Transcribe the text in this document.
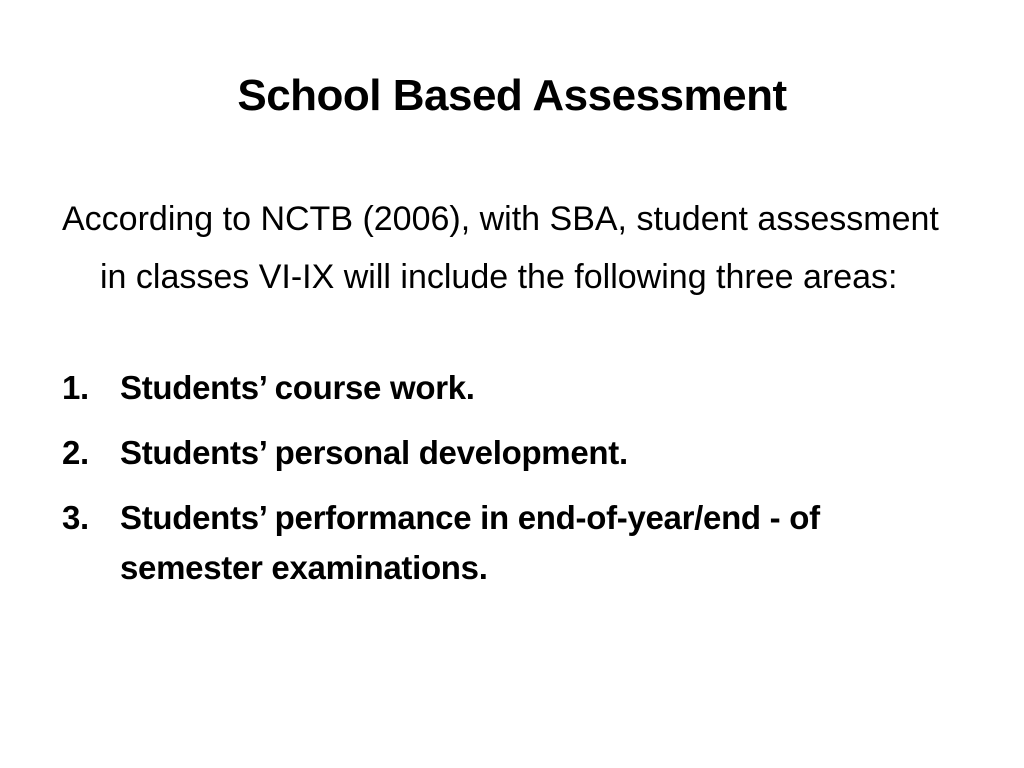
School Based Assessment
According to NCTB (2006), with SBA, student assessment in classes VI-IX will include the following three areas:
1. Students’ course work.
2. Students’ personal development.
3. Students’ performance in end-of-year/end - of semester examinations.
